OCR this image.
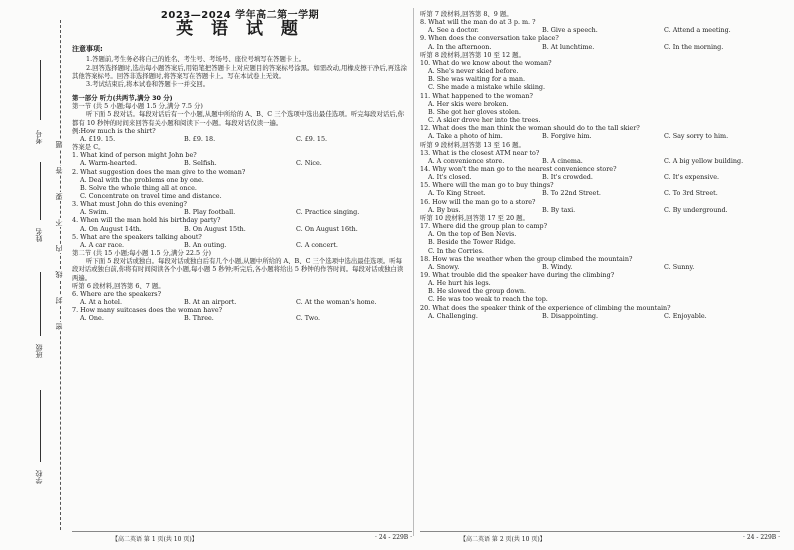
考号
姓名
班级
学校
密
封
线
内
不
要
答
题
2023—2024 学年高二第一学期
英 语 试 题
注意事项:

1.答题前,考生务必将自己的姓名、考生号、考场号、座位号填写在答题卡上。

2.回答选择题时,选出每小题答案后,用铅笔把答题卡上对应题目的答案标号涂黑。如需改动,用橡皮擦干净后,再选涂其他答案标号。回答非选择题时,将答案写在答题卡上。写在本试卷上无效。

3.考试结束后,将本试卷和答题卡一并交回。

第一部分 听力(共两节,满分 30 分)
第一节 (共 5 小题;每小题 1.5 分,满分 7.5 分)
听下面 5 段对话。每段对话后有一个小题,从题中所给的 A、B、C 三个选项中选出最佳选项。听完每段对话后,你都有 10 秒钟的时间来回答有关小题和阅读下一小题。每段对话仅读一遍。
例:How much is the shirt?
A. £19. 15.	B. £9. 18.	C. £9. 15.
答案是 C。
1. What kind of person might John be?
A. Warm-hearted.	B. Selfish.	C. Nice.
2. What suggestion does the man give to the woman?
A. Deal with the problems one by one.
B. Solve the whole thing all at once.
C. Concentrate on travel time and distance.
3. What must John do this evening?
A. Swim.	B. Play football.	C. Practice singing.
4. When will the man hold his birthday party?
A. On August 14th.	B. On August 15th.	C. On August 16th.
5. What are the speakers talking about?
A. A car race.	B. An outing.	C. A concert.
第二节 (共 15 小题;每小题 1.5 分,满分 22.5 分)
听下面 5 段对话或独白。每段对话或独白后有几个小题,从题中所给的 A、B、C 三个选项中选出最佳选项。听每段对话或独白前,你将有时间阅读各个小题,每小题 5 秒钟;听完后,各小题将给出 5 秒钟的作答时间。每段对话或独白读两遍。
听第 6 段材料,回答第 6、7 题。
6. Where are the speakers?
A. At a hotel.	B. At an airport.	C. At the woman's home.
7. How many suitcases does the woman have?
A. One.	B. Three.	C. Two.
听第 7 段材料,回答第 8、9 题。
8. What will the man do at 3 p. m. ?
A. See a doctor.	B. Give a speech.	C. Attend a meeting.
9. When does the conversation take place?
A. In the afternoon.	B. At lunchtime.	C. In the morning.
听第 8 段材料,回答第 10 至 12 题。
10. What do we know about the woman?
A. She's never skied before.
B. She was waiting for a man.
C. She made a mistake while skiing.
11. What happened to the woman?
A. Her skis were broken.
B. She got her gloves stolen.
C. A skier drove her into the trees.
12. What does the man think the woman should do to the tall skier?
A. Take a photo of him.	B. Forgive him.	C. Say sorry to him.
听第 9 段材料,回答第 13 至 16 题。
13. What is the closest ATM near to?
A. A convenience store.	B. A cinema.	C. A big yellow building.
14. Why won't the man go to the nearest convenience store?
A. It's closed.	B. It's crowded.	C. It's expensive.
15. Where will the man go to buy things?
A. To King Street.	B. To 22nd Street.	C. To 3rd Street.
16. How will the man go to a store?
A. By bus.	B. By taxi.	C. By underground.
听第 10 段材料,回答第 17 至 20 题。
17. Where did the group plan to camp?
A. On the top of Ben Nevis.
B. Beside the Tower Ridge.
C. In the Corries.
18. How was the weather when the group climbed the mountain?
A. Snowy.	B. Windy.	C. Sunny.
19. What trouble did the speaker have during the climbing?
A. He hurt his legs.
B. He slowed the group down.
C. He was too weak to reach the top.
20. What does the speaker think of the experience of climbing the mountain?
A. Challenging.	B. Disappointing.	C. Enjoyable.
【高二英语 第 1 页(共 10 页)】	· 24 - 229B ·	【高二英语 第 2 页(共 10 页)】	· 24 - 229B ·
